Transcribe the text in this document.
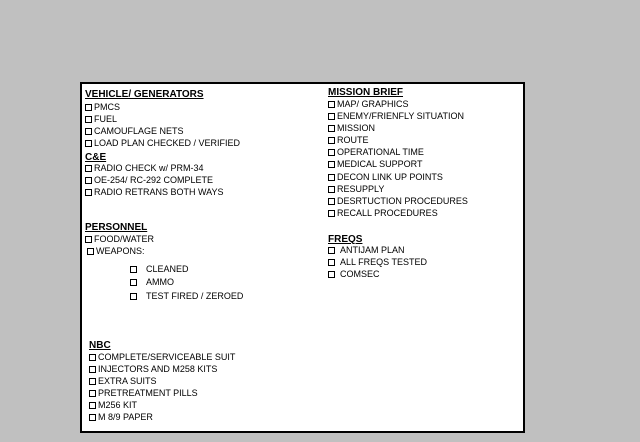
VEHICLE/ GENERATORS
PMCS
FUEL
CAMOUFLAGE NETS
LOAD PLAN CHECKED / VERIFIED
C&E
RADIO CHECK w/ PRM-34
OE-254/ RC-292 COMPLETE
RADIO RETRANS BOTH WAYS
PERSONNEL
FOOD/WATER
WEAPONS:
CLEANED
AMMO
TEST FIRED / ZEROED
NBC
COMPLETE/SERVICEABLE SUIT
INJECTORS AND M258 KITS
EXTRA SUITS
PRETREATMENT PILLS
M256 KIT
M 8/9 PAPER
MISSION BRIEF
MAP/ GRAPHICS
ENEMY/FRIENFLY SITUATION
MISSION
ROUTE
OPERATIONAL TIME
MEDICAL SUPPORT
DECON LINK UP POINTS
RESUPPLY
DESRTUCTION PROCEDURES
RECALL PROCEDURES
FREQS
ANTIJAM PLAN
ALL FREQS TESTED
COMSEC
